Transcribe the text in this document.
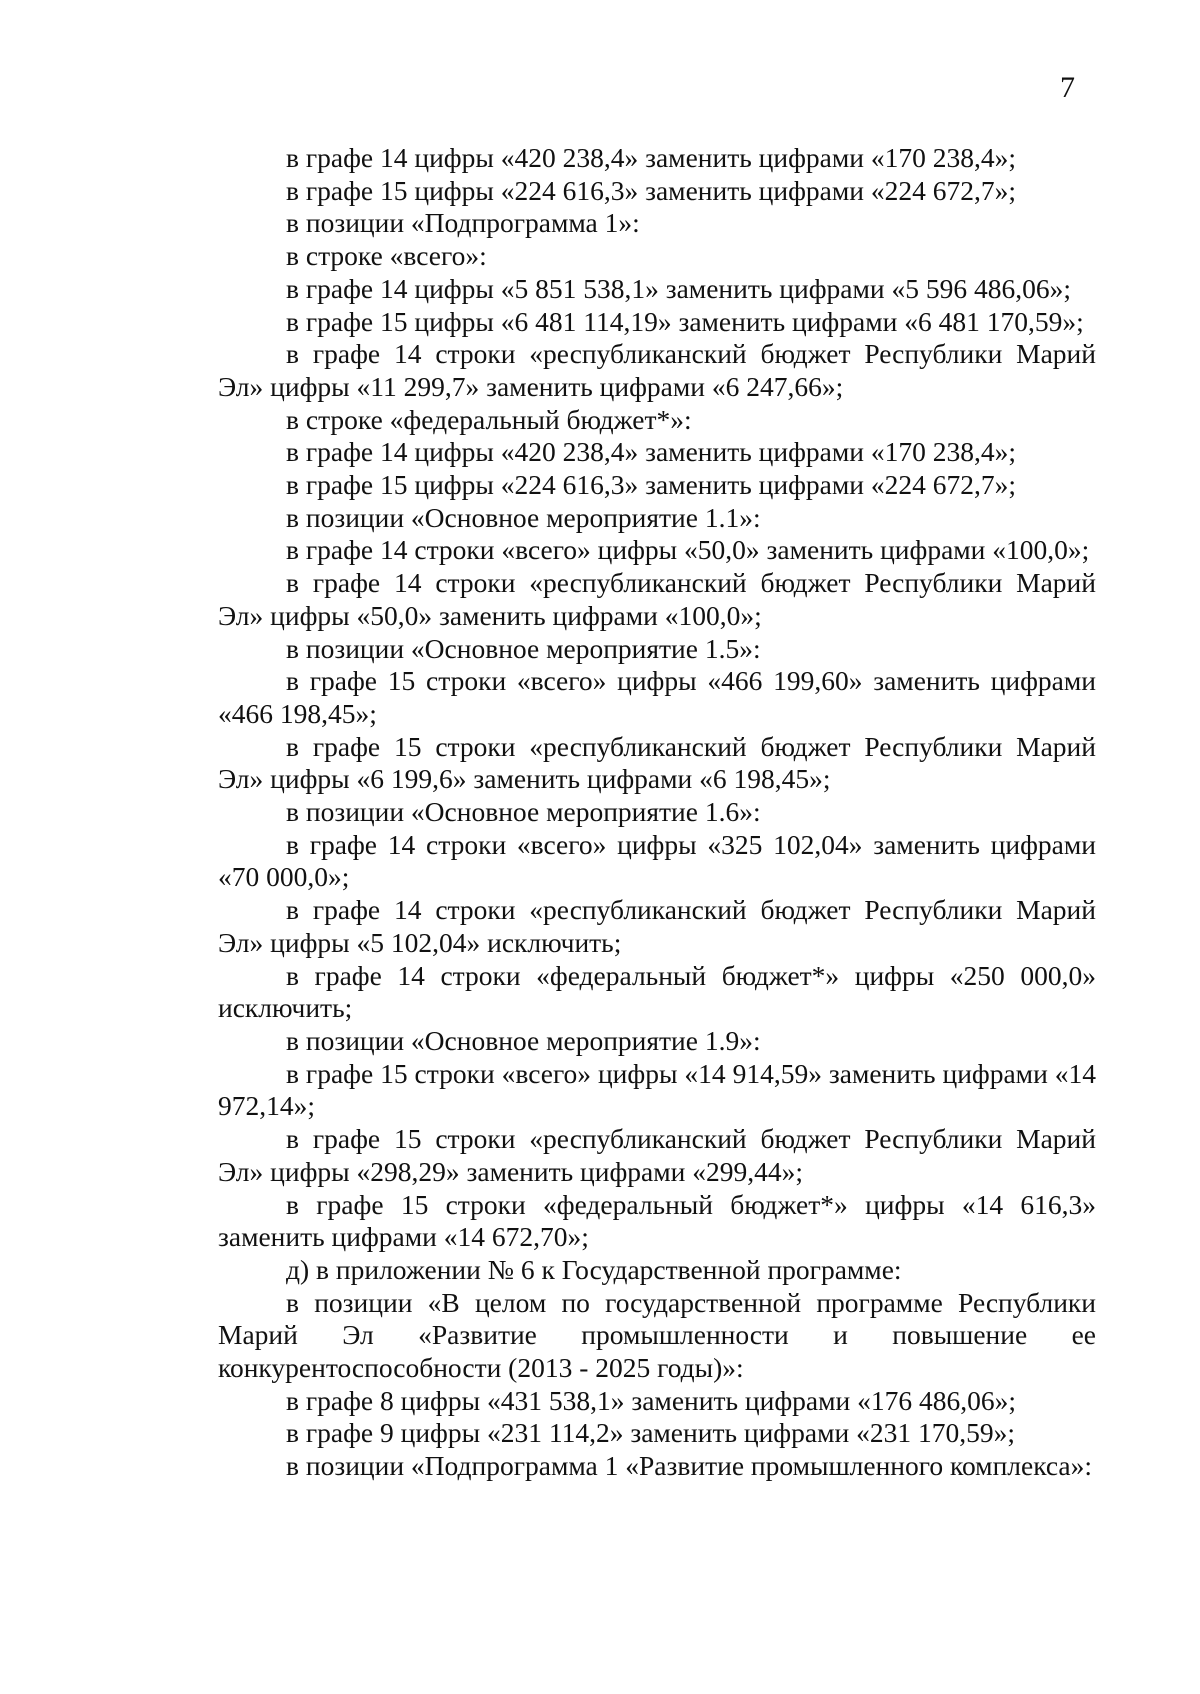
7

в графе 14 цифры «420 238,4» заменить цифрами «170 238,4»;

в графе 15 цифры «224 616,3» заменить цифрами «224 672,7»;

в позиции «Подпрограмма 1»:

в строке «всего»:

в графе 14 цифры «5 851 538,1» заменить цифрами «5 596 486,06»;

в графе 15 цифры «6 481 114,19» заменить цифрами «6 481 170,59»;

в графе 14 строки «республиканский бюджет Республики Марий Эл» цифры «11 299,7» заменить цифрами «6 247,66»;

в строке «федеральный бюджет*»:

в графе 14 цифры «420 238,4» заменить цифрами «170 238,4»;

в графе 15 цифры «224 616,3» заменить цифрами «224 672,7»;

в позиции «Основное мероприятие 1.1»:

в графе 14 строки «всего» цифры «50,0» заменить цифрами «100,0»;

в графе 14 строки «республиканский бюджет Республики Марий Эл» цифры «50,0» заменить цифрами «100,0»;

в позиции «Основное мероприятие 1.5»:

в графе 15 строки «всего» цифры «466 199,60» заменить цифрами «466 198,45»;

в графе 15 строки «республиканский бюджет Республики Марий Эл» цифры «6 199,6» заменить цифрами «6 198,45»;

в позиции «Основное мероприятие 1.6»:

в графе 14 строки «всего» цифры «325 102,04» заменить цифрами «70 000,0»;

в графе 14 строки «республиканский бюджет Республики Марий Эл» цифры «5 102,04» исключить;

в графе 14 строки «федеральный бюджет*» цифры «250 000,0» исключить;

в позиции «Основное мероприятие 1.9»:

в графе 15 строки «всего» цифры «14 914,59» заменить цифрами «14 972,14»;

в графе 15 строки «республиканский бюджет Республики Марий Эл» цифры «298,29» заменить цифрами «299,44»;

в графе 15 строки «федеральный бюджет*» цифры «14 616,3» заменить цифрами «14 672,70»;

д) в приложении № 6 к Государственной программе:

в позиции «В целом по государственной программе Республики Марий Эл «Развитие промышленности и повышение ее конкурентоспособности (2013 - 2025 годы)»:

в графе 8 цифры «431 538,1» заменить цифрами «176 486,06»;

в графе 9 цифры «231 114,2» заменить цифрами «231 170,59»;

в позиции «Подпрограмма 1 «Развитие промышленного комплекса»:
